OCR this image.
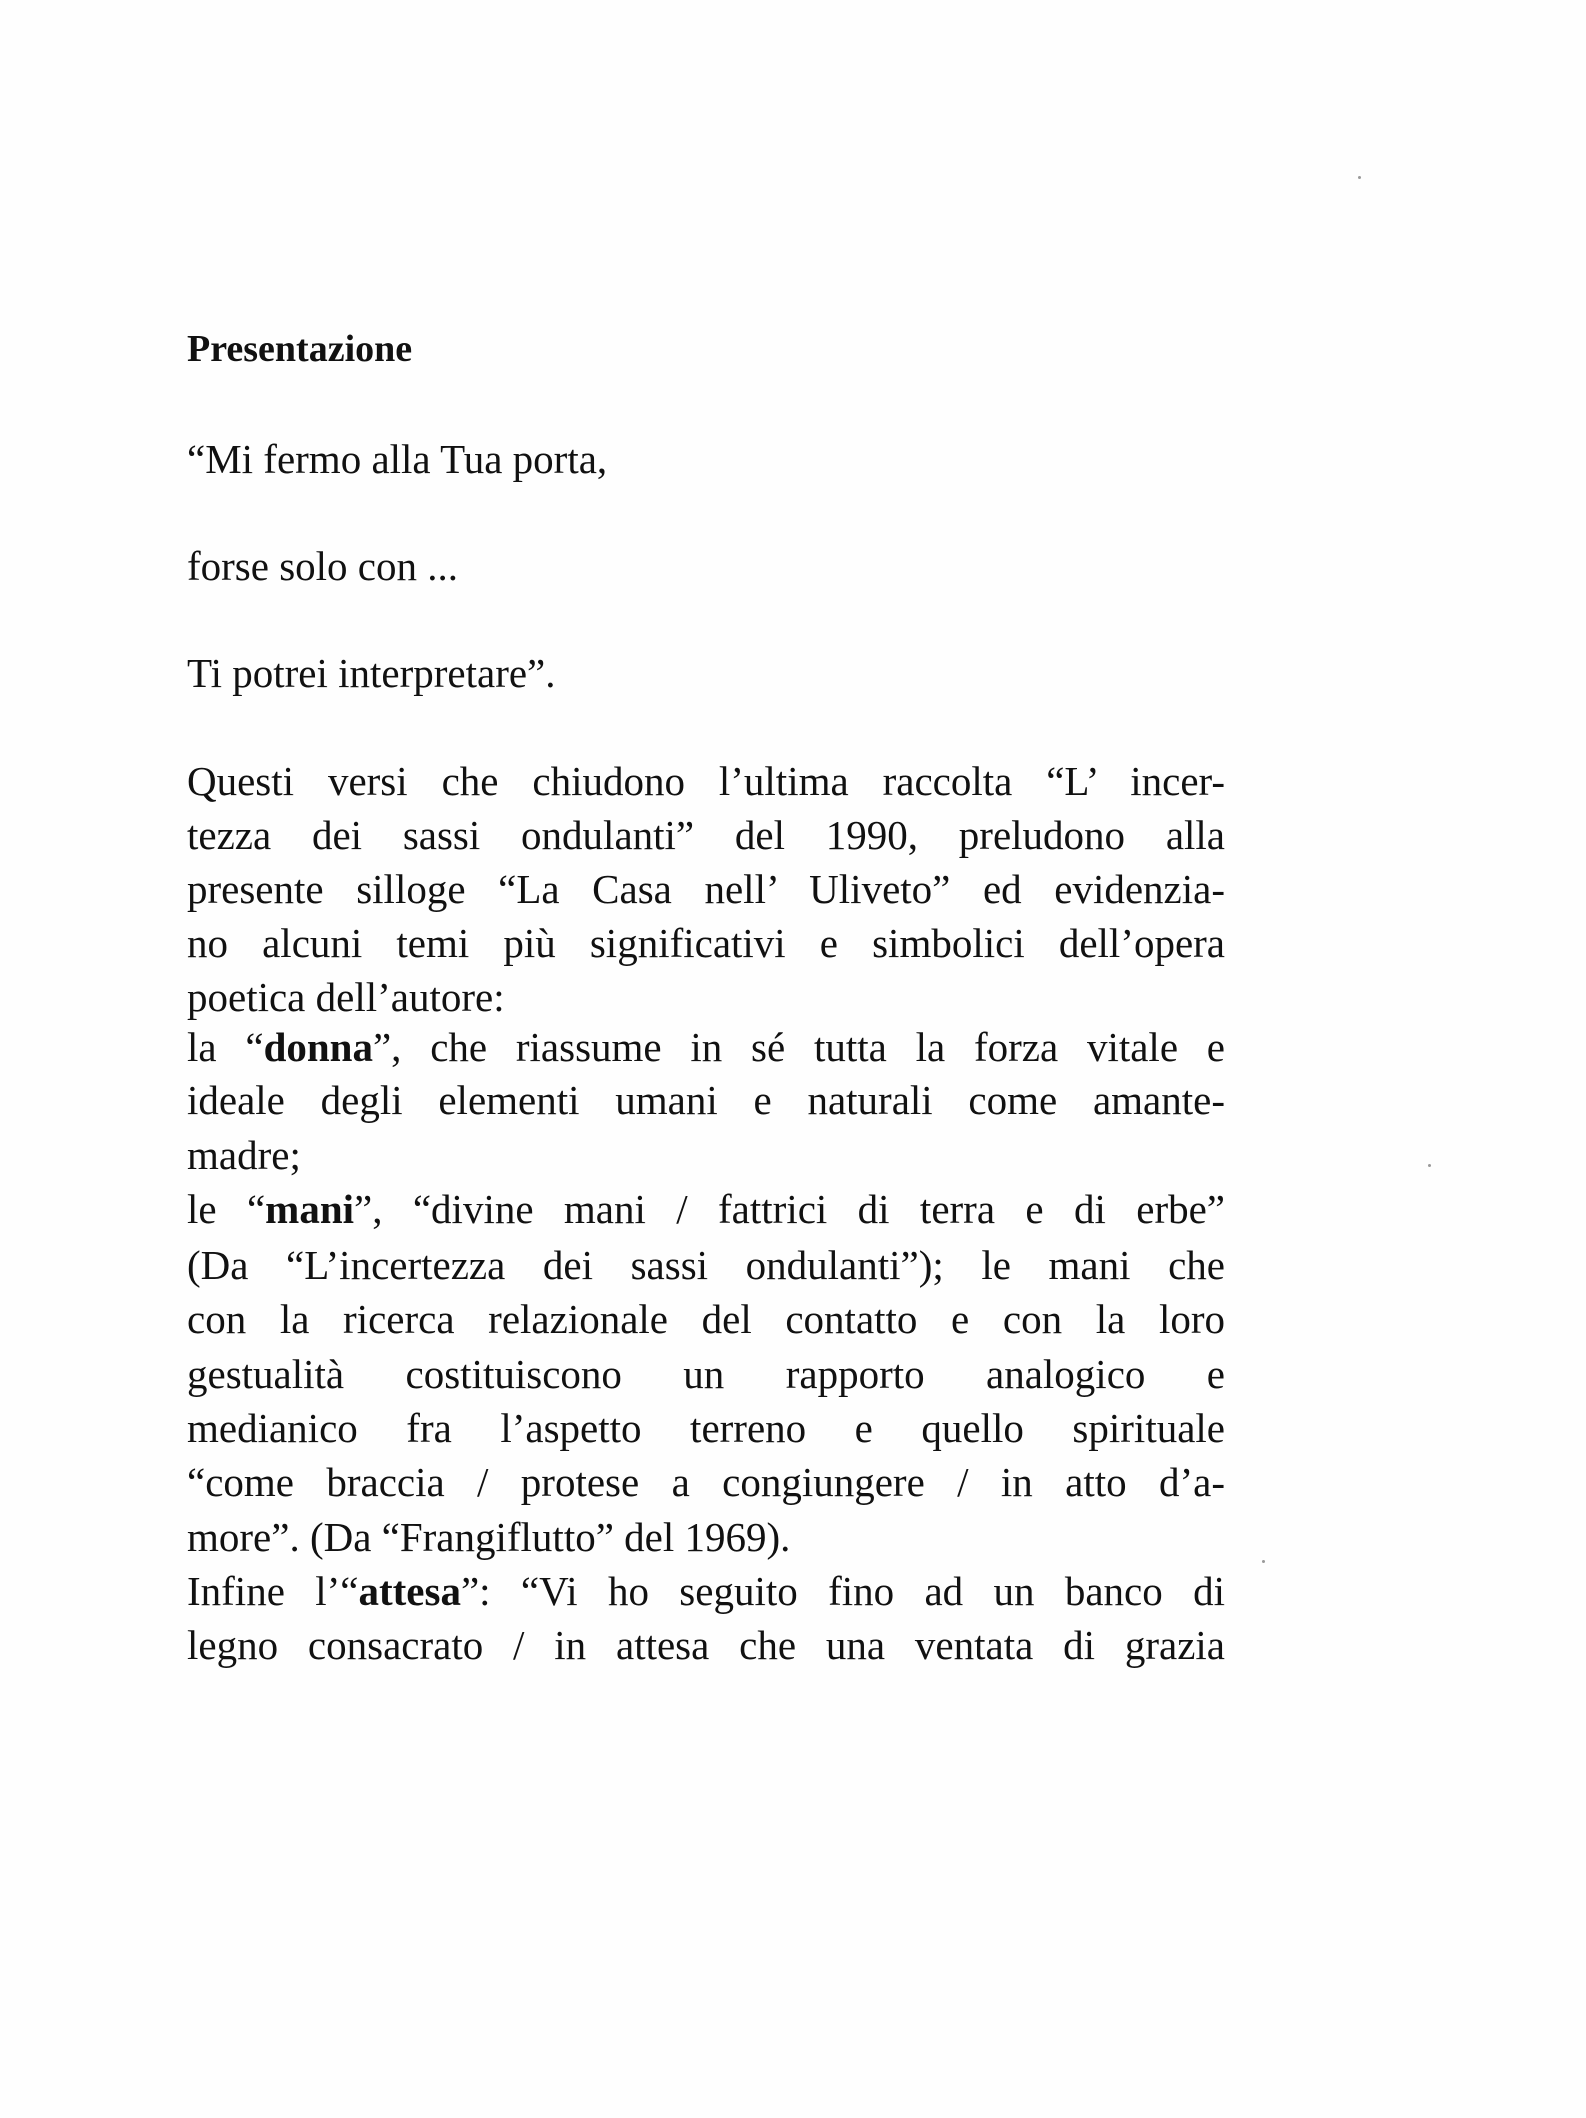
Presentazione
“Mi fermo alla Tua porta,
forse solo con ...
Ti potrei interpretare”.
Questi versi che chiudono l’ultima raccolta “L’ incer-
tezza dei sassi ondulanti” del 1990, preludono alla
presente silloge “La Casa nell’ Uliveto” ed evidenzia-
no alcuni temi più significativi e simbolici dell’opera
poetica dell’autore:
la “donna”, che riassume in sé tutta la forza vitale e
ideale degli elementi umani e naturali come amante-
madre;
le “mani”, “divine mani / fattrici di terra e di erbe”
(Da “L’incertezza dei sassi ondulanti”); le mani che
con la ricerca relazionale del contatto e con la loro
gestualità costituiscono un rapporto analogico e
medianico fra l’aspetto terreno e quello spirituale
“come braccia / protese a congiungere / in atto d’a-
more”. (Da “Frangiflutto” del 1969).
Infine l’“attesa”: “Vi ho seguito fino ad un banco di
legno consacrato / in attesa che una ventata di grazia
